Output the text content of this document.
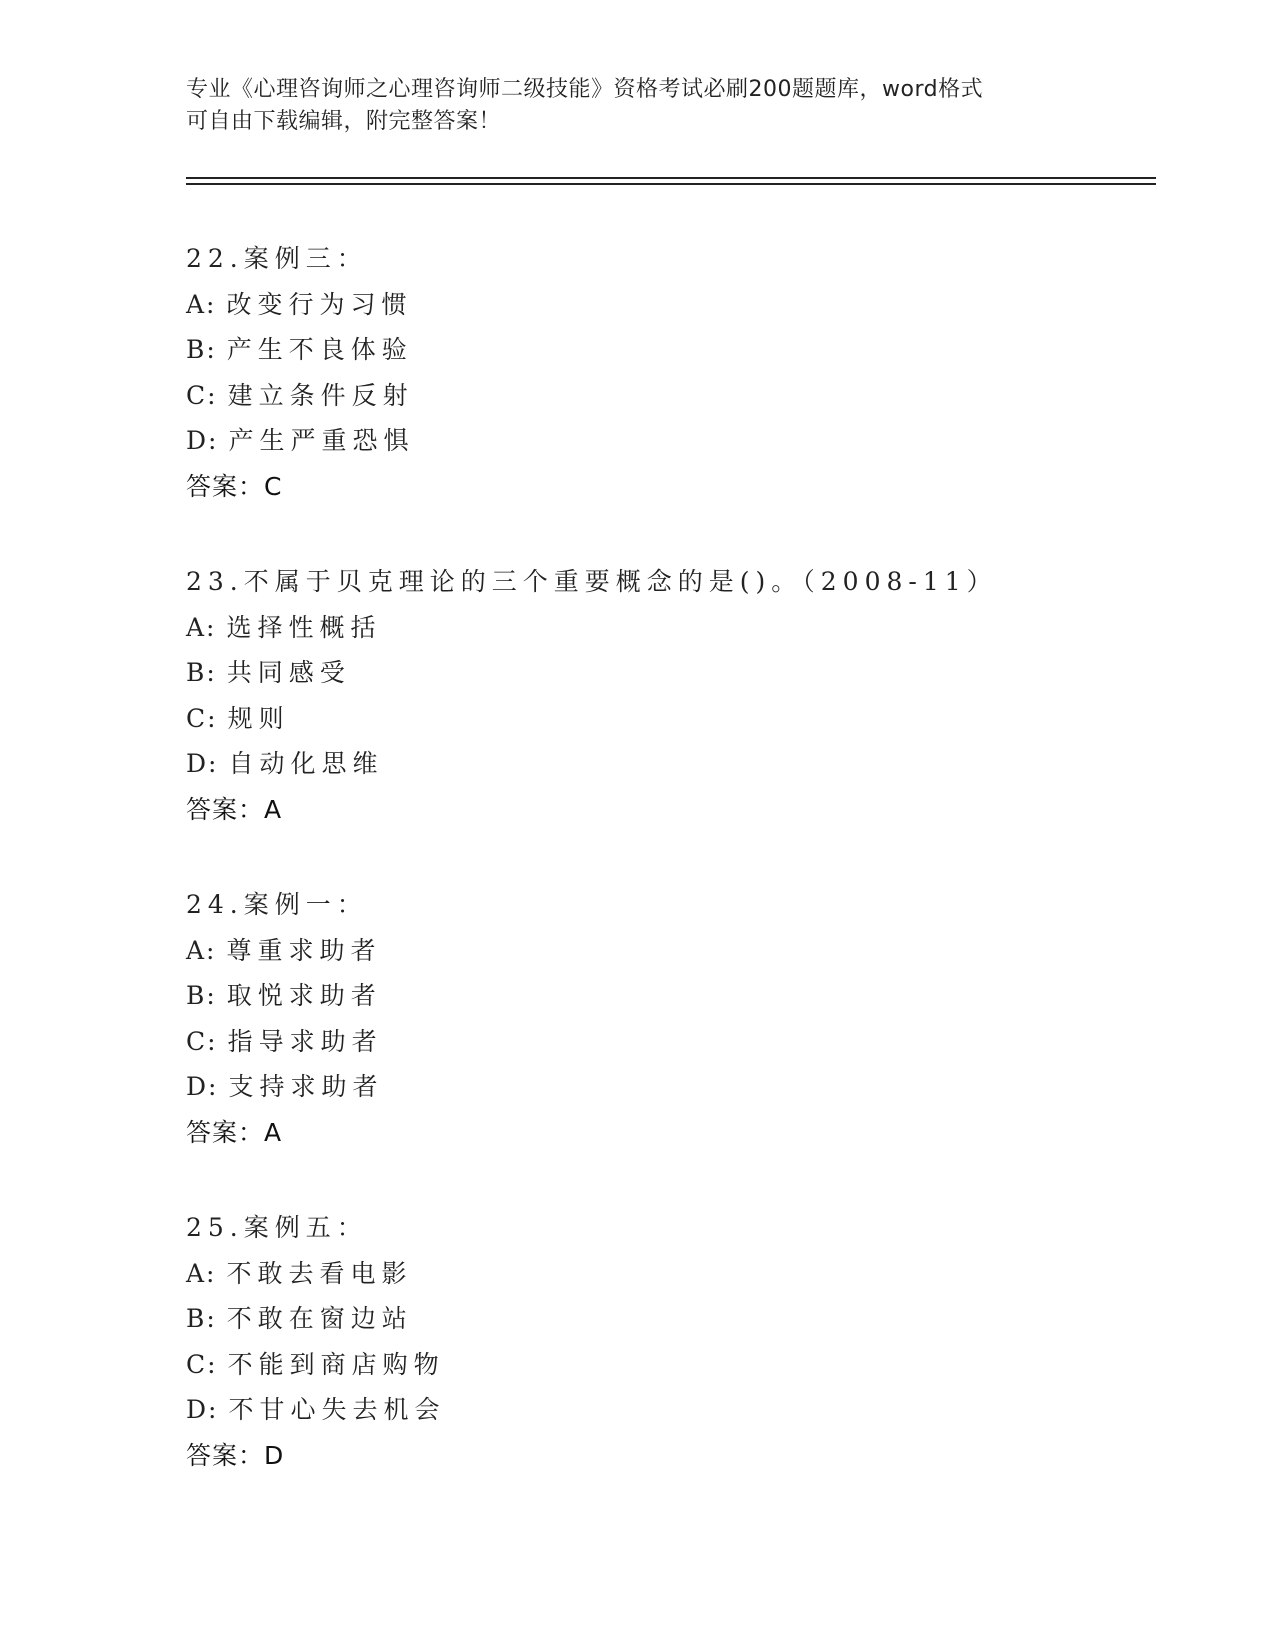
专业《心理咨询师之心理咨询师二级技能》资格考试必刷200题题库，word格式
可自由下载编辑，附完整答案！
22.案例三：
A: 改变行为习惯
B: 产生不良体验
C: 建立条件反射
D: 产生严重恐惧
答案：C
23.不属于贝克理论的三个重要概念的是()。（2008-11）
A: 选择性概括
B: 共同感受
C: 规则
D: 自动化思维
答案：A
24.案例一：
A: 尊重求助者
B: 取悦求助者
C: 指导求助者
D: 支持求助者
答案：A
25.案例五：
A: 不敢去看电影
B: 不敢在窗边站
C: 不能到商店购物
D: 不甘心失去机会
答案：D
